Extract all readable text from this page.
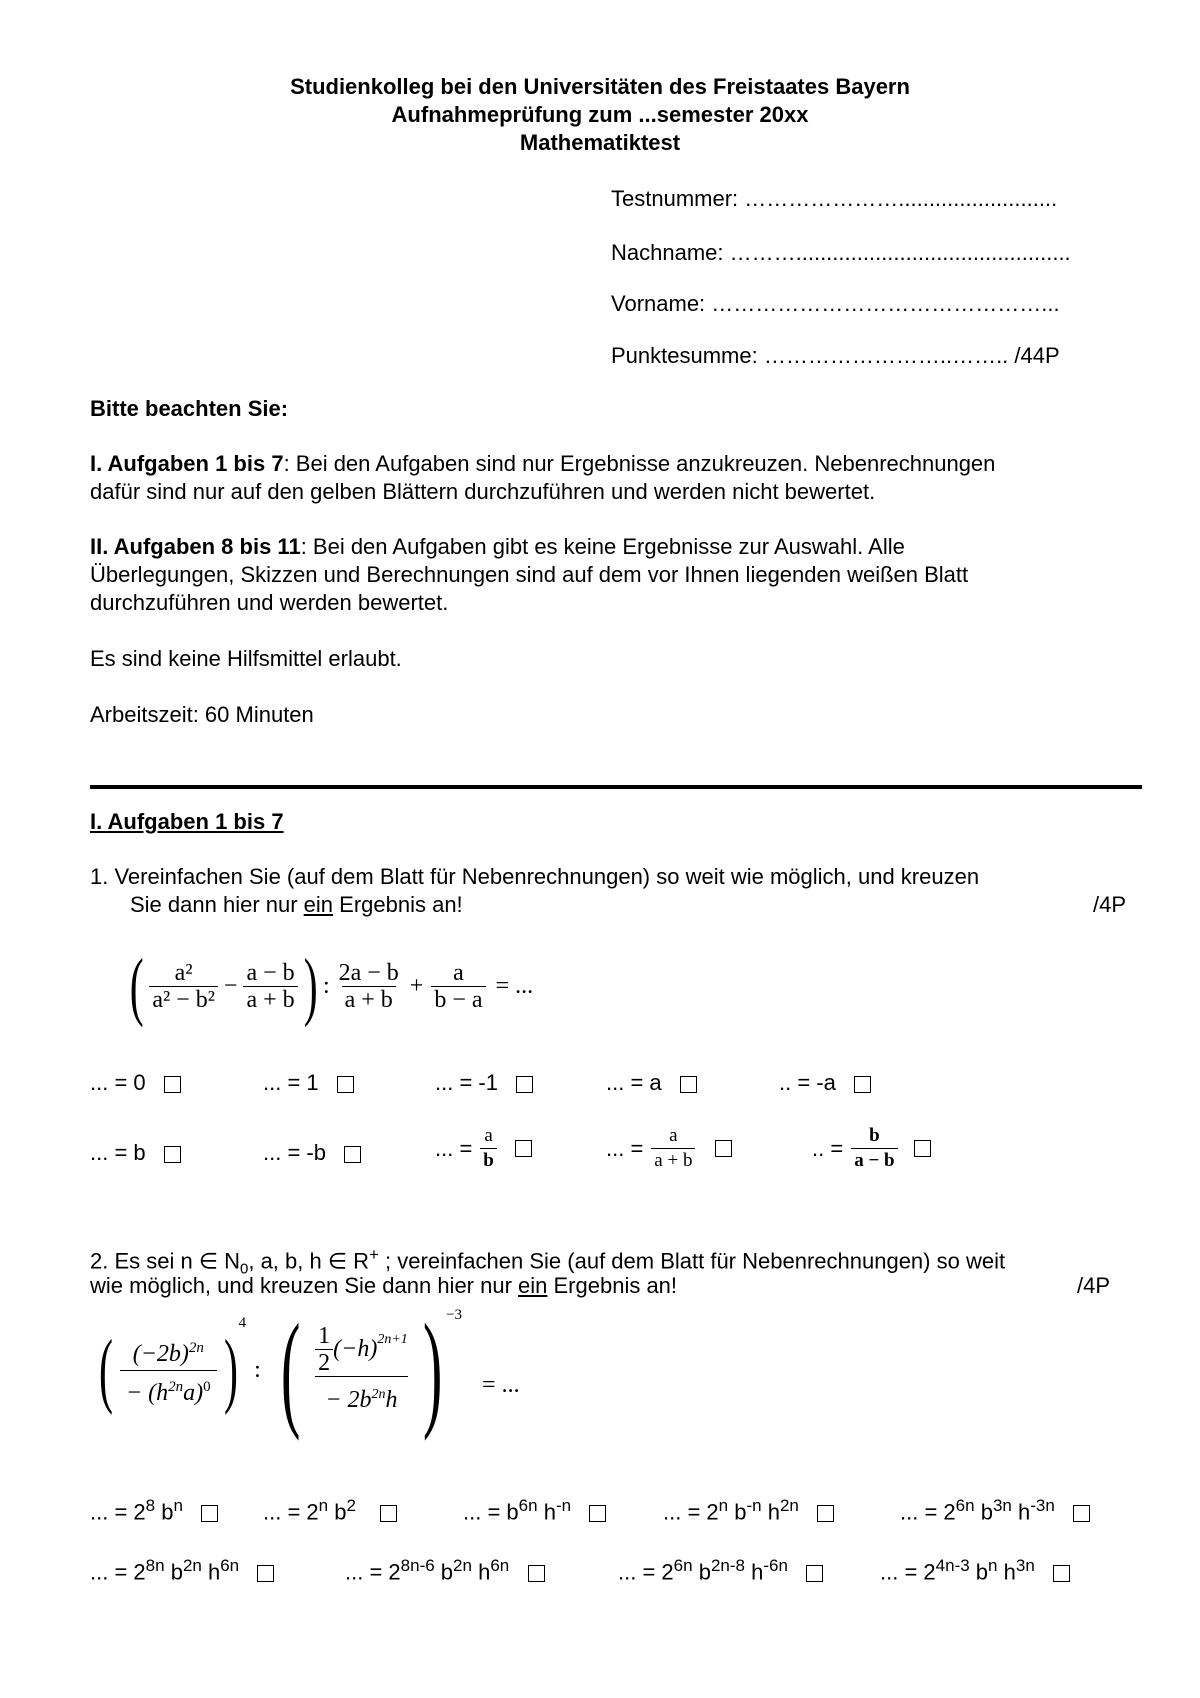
Studienkolleg bei den Universitäten des Freistaates Bayern
Aufnahmeprüfung zum ...semester 20xx
Mathematiktest
Testnummer: …………………..........................
Nachname: ……….............................................
Vorname: ………………………………………...
Punktesumme: ……………………..…….. /44P
Bitte beachten Sie:
I. Aufgaben 1 bis 7: Bei den Aufgaben sind nur Ergebnisse anzukreuzen. Nebenrechnungen
dafür sind nur auf den gelben Blättern durchzuführen und werden nicht bewertet.
II. Aufgaben 8 bis 11: Bei den Aufgaben gibt es keine Ergebnisse zur Auswahl. Alle
Überlegungen, Skizzen und Berechnungen sind auf dem vor Ihnen liegenden weißen Blatt
durchzuführen und werden bewertet.
Es sind keine Hilfsmittel erlaubt.
Arbeitszeit: 60 Minuten
I. Aufgaben 1 bis 7
1. Vereinfachen Sie (auf dem Blatt für Nebenrechnungen) so weit wie möglich, und kreuzen
Sie dann hier nur ein Ergebnis an!	/4P
( $\frac{\text{a²}}{\text{a² − b²}} - \frac{a - b}{a + b}$ ) : $\frac{2a - b}{a + b} + \frac{a}{b - a}$ = ...
... = 0	... = 1	... = -1	... = a	.. = -a
... = b	... = -b	... = $\frac{a}{b}$	... = $\frac{a}{a + b}$	.. = $\frac{b}{a - b}$
2. Es sei n ∈ $N_0$, a, b, h ∈ R+ ; vereinfachen Sie (auf dem Blatt für Nebenrechnungen) so weit
wie möglich, und kreuzen Sie dann hier nur ein Ergebnis an!	/4P
( $\frac{(-2b)^{2n}}{- (h^{2n}a)^0}$ ) 4
: ( $\frac{\frac{1}{2} (-h) 2n+1}{- 2b^{2n}h}$ ) −3
= ...
... = $2^8$ $b^n$	... = $2^n$ $b^2$	... = $b^{6n}$ $h^{-n}$	... = $2^n$ $b^{-n}$ $h^{2n}$	... = $2^{6n}$ $b^{3n}$ $h^{-3n}$
... = $2^{8n}$ $b^{2n}$ $h^{6n}$	... = $2^{8n-6}$ $b^{2n}$ $h^{6n}$	... = $2^{6n}$ $b^{2n-8}$ $h^{-6n}$	... = $2^{4n-3}$ $b^n$ $h^{3n}$
